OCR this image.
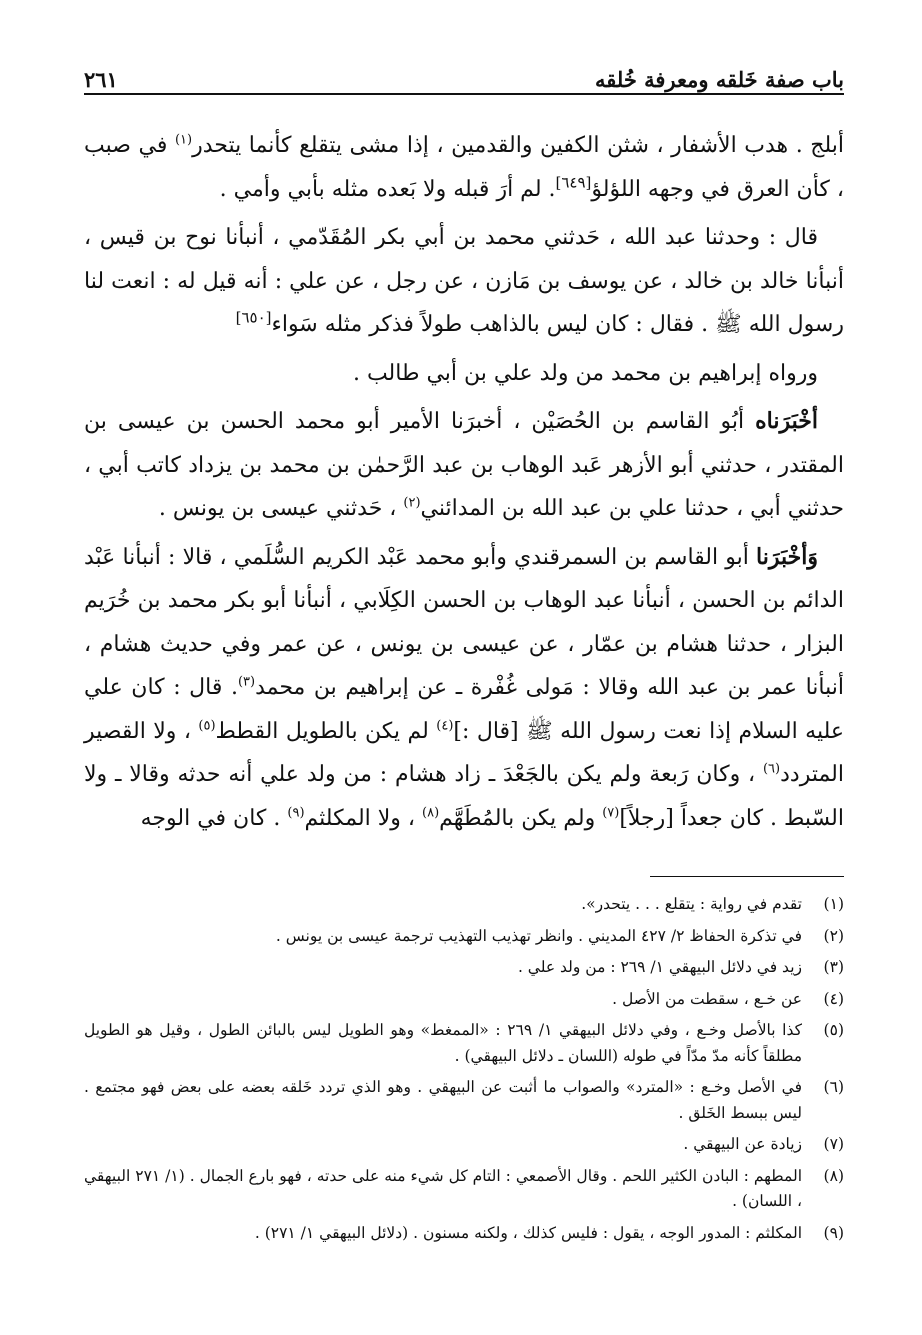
باب صفة خَلقه ومعرفة خُلقه
٢٦١

أبلج . هدب الأشفار ، شثن الكفين والقدمين ، إذا مشى يتقلع كأنما يتحدر$^{(١)}$ في صبب ، كأن العرق في وجهه اللؤلؤ[٦٤٩]. لم أرَ قبله ولا بَعده مثله بأبي وأمي .

قال : وحدثنا عبد الله ، حَدثني محمد بن أبي بكر المُقَدّمي ، أنبأنا نوح بن قيس ، أنبأنا خالد بن خالد ، عن يوسف بن مَازن ، عن رجل ، عن علي : أنه قيل له : انعت لنا رسول الله ﷺ . فقال : كان ليس بالذاهب طولاً فذكر مثله سَواء[٦٥٠]

ورواه إبراهيم بن محمد من ولد علي بن أبي طالب .

أخْبَرَناه أبُو القاسم بن الحُصَيْن ، أخبرَنا الأمير أبو محمد الحسن بن عيسى بن المقتدر ، حدثني أبو الأزهر عَبد الوهاب بن عبد الرَّحمٰن بن محمد بن يزداد كاتب أبي ، حدثني أبي ، حدثنا علي بن عبد الله بن المدائني$^{(٢)}$ ، حَدثني عيسى بن يونس .

وَأخْبَرَنا أبو القاسم بن السمرقندي وأبو محمد عَبْد الكريم السُّلَمي ، قالا : أنبأنا عَبْد الدائم بن الحسن ، أنبأنا عبد الوهاب بن الحسن الكِلَابي ، أنبأنا أبو بكر محمد بن خُرَيم البزار ، حدثنا هشام بن عمّار ، عن عيسى بن يونس ، عن عمر وفي حديث هشام ، أنبأنا عمر بن عبد الله وقالا : مَولى غُفْرة ـ عن إبراهيم بن محمد$^{(٣)}$. قال : كان علي عليه السلام إذا نعت رسول الله ﷺ [قال :]$^{(٤)}$ لم يكن بالطويل القطط$^{(٥)}$ ، ولا القصير المتردد$^{(٦)}$ ، وكان رَبعة ولم يكن بالجَعْدَ ـ زاد هشام : من ولد علي أنه حدثه وقالا ـ ولا السّبط . كان جعداً [رجلاً]$^{(٧)}$ ولم يكن بالمُطَهَّم$^{(٨)}$ ، ولا المكلثم$^{(٩)}$ . كان في الوجه

(١)
تقدم في رواية : يتقلع . . . يتحدر».
(٢)
في تذكرة الحفاظ ٢/ ٤٢٧ المديني . وانظر تهذيب التهذيب ترجمة عيسى بن يونس .
(٣)
زيد في دلائل البيهقي ١/ ٢٦٩ : من ولد علي .
(٤)
عن خـع ، سقطت من الأصل .
(٥)
كذا بالأصل وخـع ، وفي دلائل البيهقي ١/ ٢٦٩ : «الممغط» وهو الطويل ليس بالبائن الطول ، وقيل هو الطويل مطلقاً كأنه مدّ مدّاً في طوله (اللسان ـ دلائل البيهقي) .
(٦)
في الأصل وخـع : «المترد» والصواب ما أثبت عن البيهقي . وهو الذي تردد خَلقه بعضه على بعض فهو مجتمع . ليس ببسط الخَلق .
(٧)
زيادة عن البيهقي .
(٨)
المطهم : البادن الكثير اللحم . وقال الأصمعي : التام كل شيء منه على حدته ، فهو بارع الجمال . (١/ ٢٧١ البيهقي ، اللسان) .
(٩)
المكلثم : المدور الوجه ، يقول : فليس كذلك ، ولكنه مسنون . (دلائل البيهقي ١/ ٢٧١) .
